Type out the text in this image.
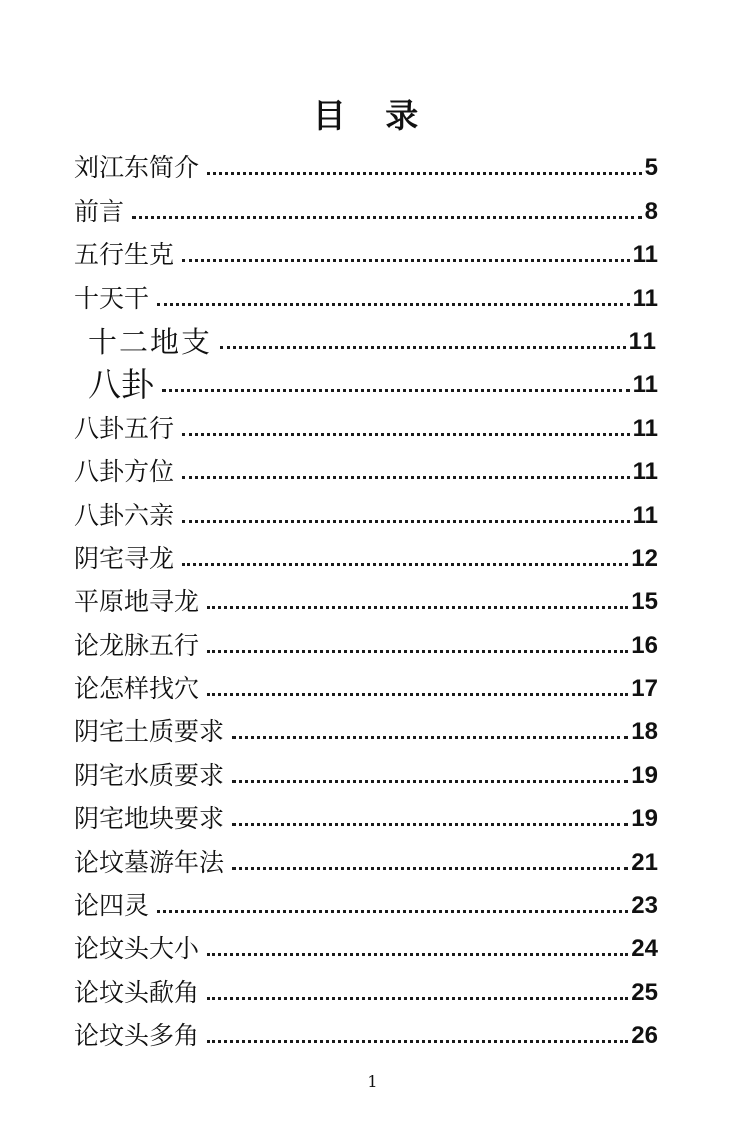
目 录
刘江东简介	5
前言	8
五行生克	11
十天干	11
十二地支	11
八卦	11
八卦五行	11
八卦方位	11
八卦六亲	11
阴宅寻龙	12
平原地寻龙	15
论龙脉五行	16
论怎样找穴	17
阴宅土质要求	18
阴宅水质要求	19
阴宅地块要求	19
论坟墓游年法	21
论四灵	23
论坟头大小	24
论坟头歃角	25
论坟头多角	26
1
